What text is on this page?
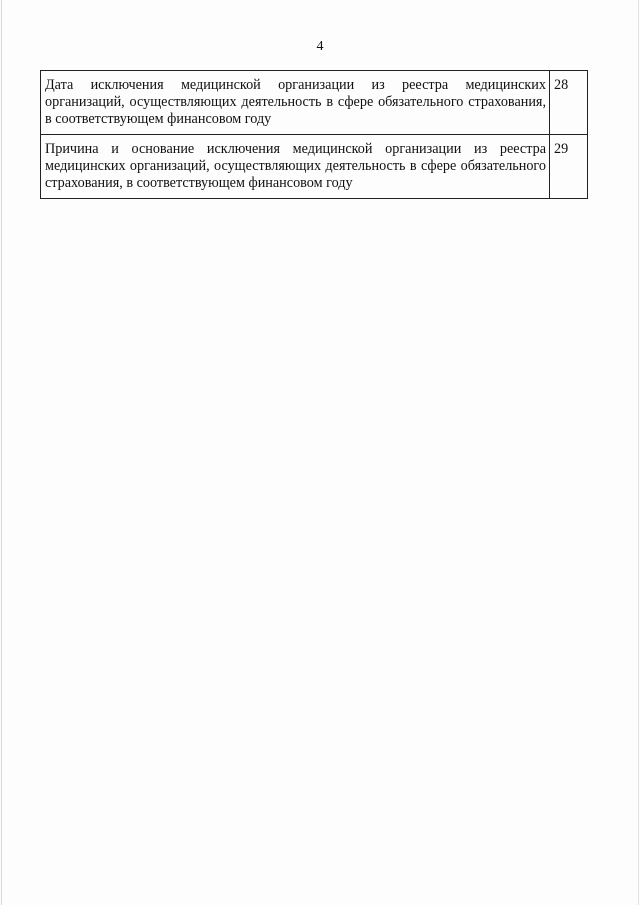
4
Дата исключения медицинской организации из реестра медицинских организаций, осуществляющих деятельность в сфере обязательного страхования, в соответствующем финансовом году	28
Причина и основание исключения медицинской организации из реестра медицинских организаций, осуществляющих деятельность в сфере обязательного страхования, в соответствующем финансовом году	29
